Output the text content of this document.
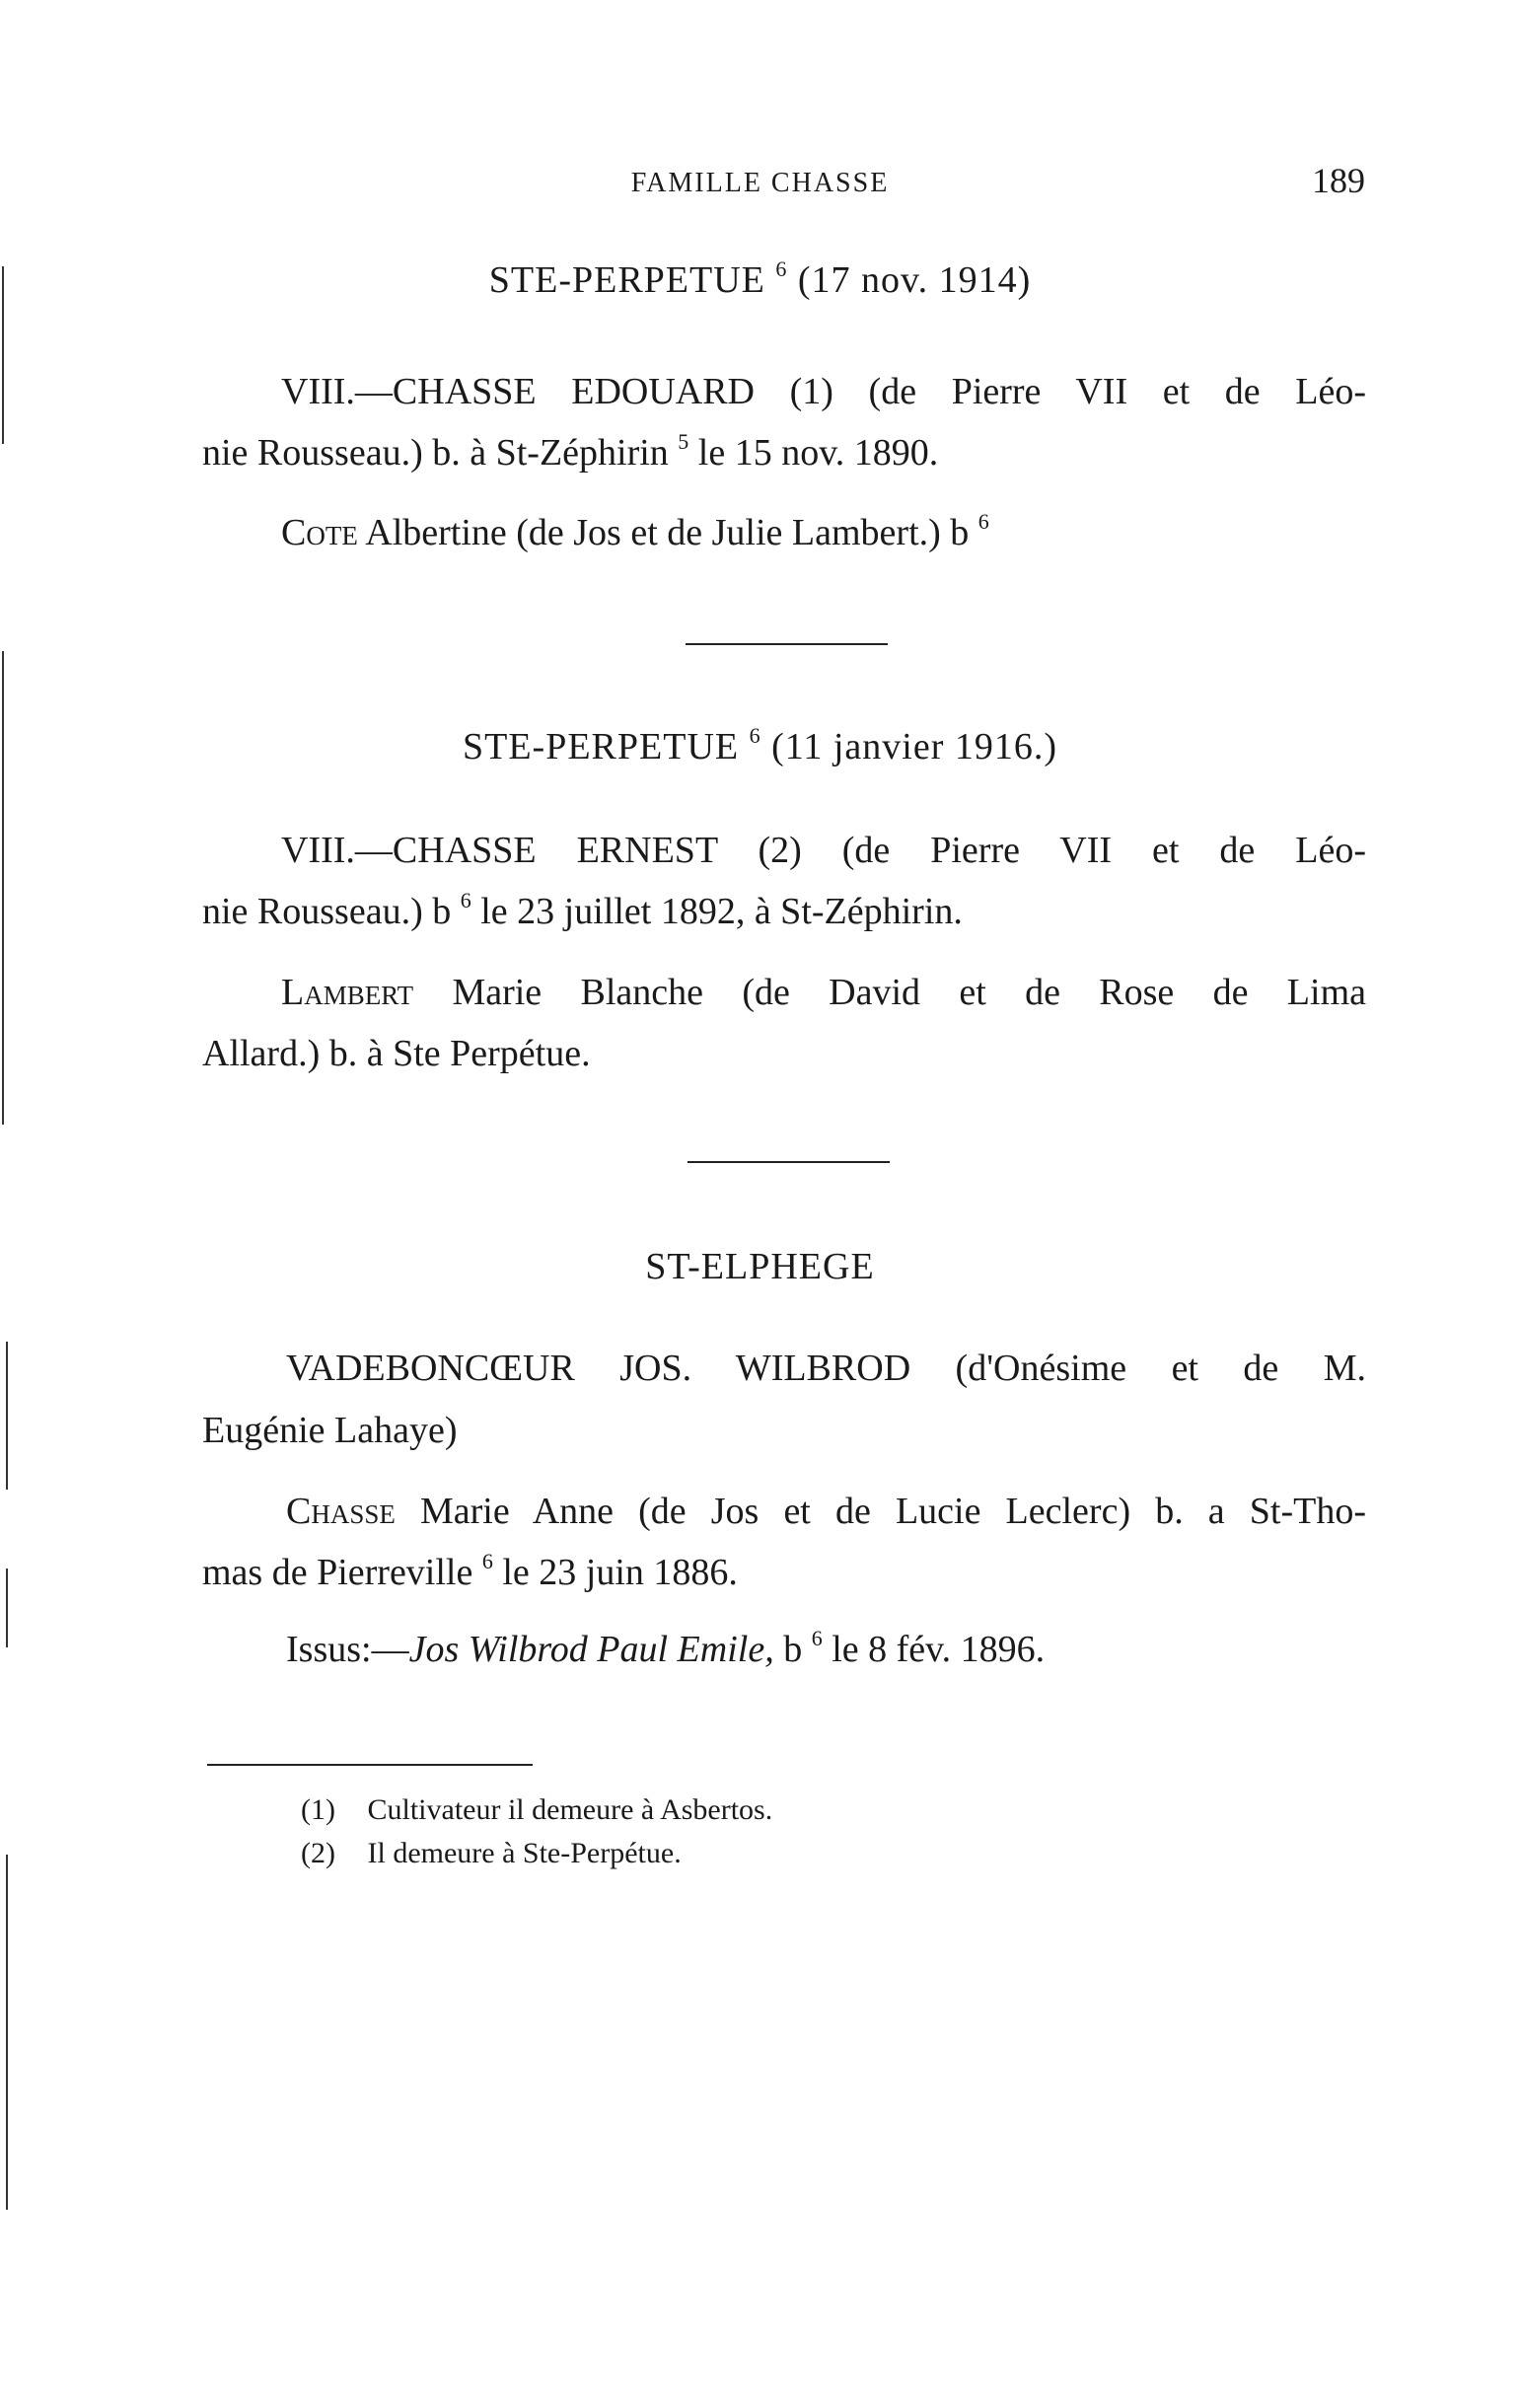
FAMILLE CHASSE	189
STE-PERPETUE $^6$ (17 nov. 1914)
VIII.—CHASSE EDOUARD (1) (de Pierre VII et de Léo-
nie Rousseau.) b. à St-Zéphirin $^5$ le 15 nov. 1890.
Cote Albertine (de Jos et de Julie Lambert.) b $^6$
STE-PERPETUE $^6$ (11 janvier 1916.)
VIII.—CHASSE ERNEST (2) (de Pierre VII et de Léo-
nie Rousseau.) b $^6$ le 23 juillet 1892, à St-Zéphirin.
Lambert Marie Blanche (de David et de Rose de Lima
Allard.) b. à Ste Perpétue.
ST-ELPHEGE
VADEBONCŒUR JOS. WILBROD (d'Onésime et de M.
Eugénie Lahaye)
Chasse Marie Anne (de Jos et de Lucie Leclerc) b. a St-Tho-
mas de Pierreville $^6$ le 23 juin 1886.
Issus:—Jos Wilbrod Paul Emile, b $^6$ le 8 fév. 1896.
(1) Cultivateur il demeure à Asbertos.
(2) Il demeure à Ste-Perpétue.
